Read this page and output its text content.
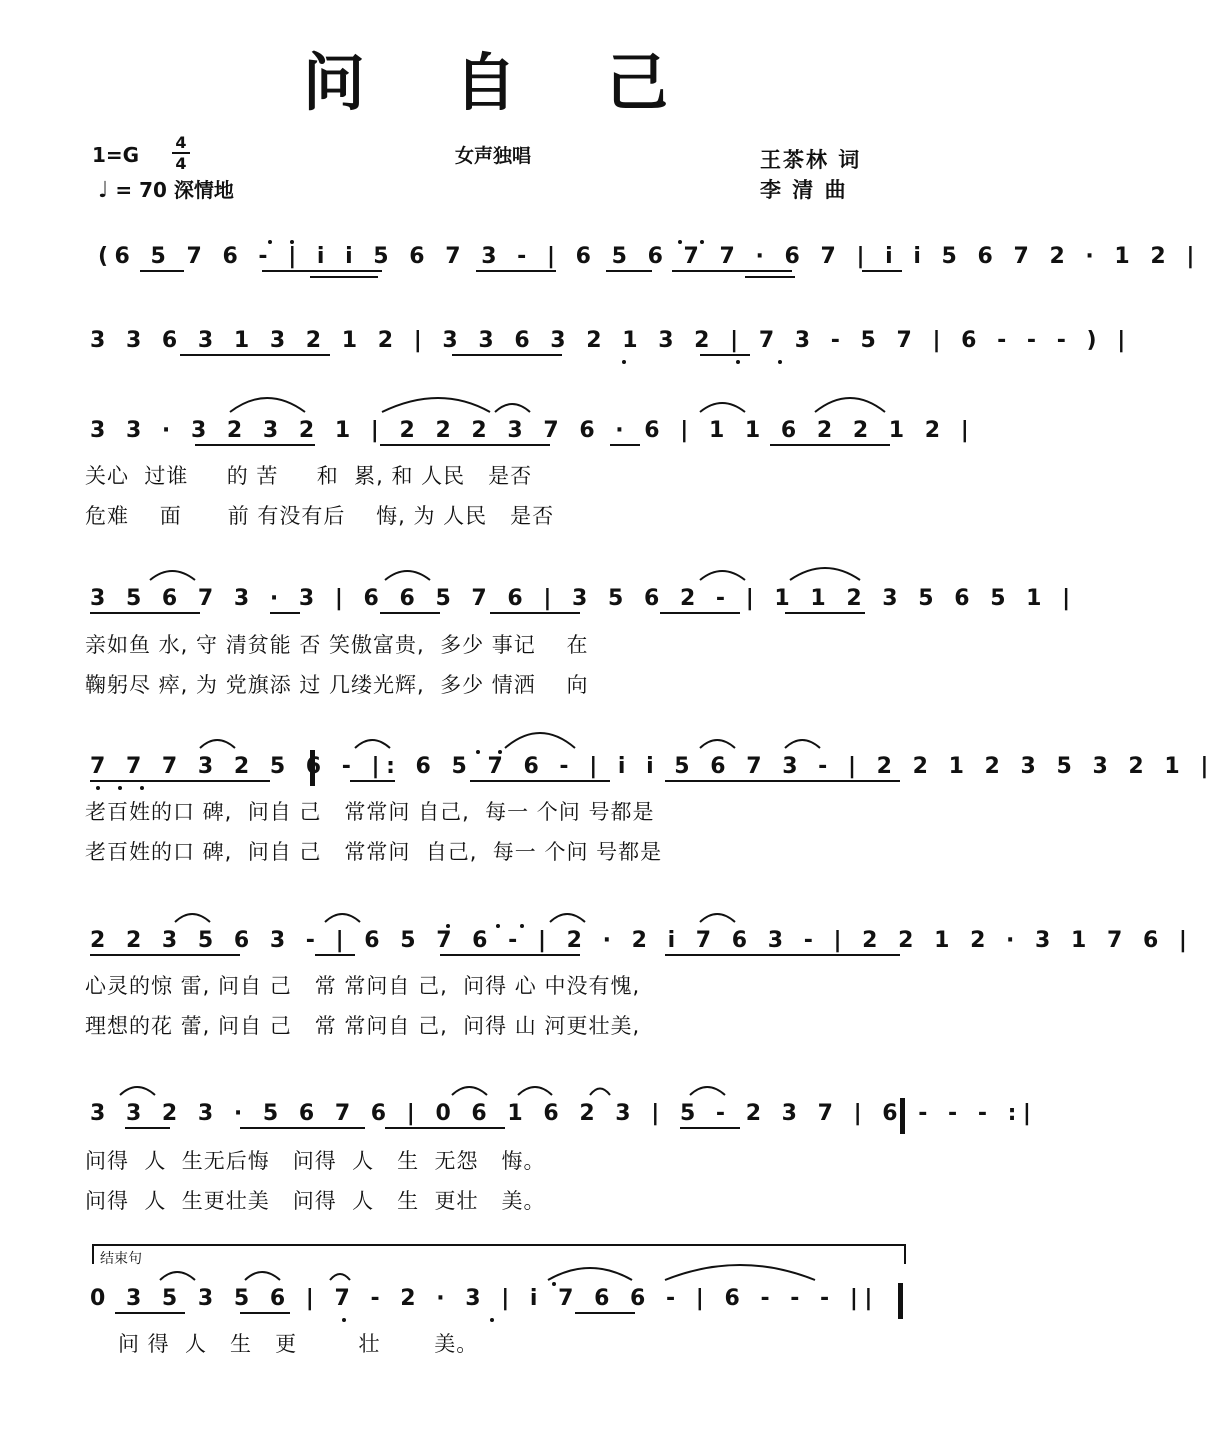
问 自 己
1=G
4
4
♩ = 70 深情地
女声独唱	王茶林 词
李 清 曲
(6 5 7 6 - | i i 5 6 7 3 - | 6 5 6 7 7 · 6 7 | i i 5 6 7 2 · 1 2 |
3 3 6 3 1 3 2 1 2 | 3 3 6 3 2 1 3 2 | 7 3 - 5 7 | 6 - - - ) |
3 3 · 3 2 3 2 1 | 2 2 2 3 7 6 · 6 | 1 1 6 2 2 1 2 |
关心  过谁     的 苦     和  累, 和 人民   是否
危难    面      前 有没有后    悔, 为 人民   是否
3 5 6 7 3 · 3 | 6 6 5 7 6 | 3 5 6 2 - | 1 1 2 3 5 6 5 1 |
亲如鱼 水, 守 清贫能 否 笑傲富贵,  多少 事记    在
鞠躬尽 瘁, 为 党旗添 过 几缕光辉,  多少 情洒    向
7 7 7 3 2 5 6 - |: 6 5 7 6 - | i i 5 6 7 3 - | 2 2 1 2 3 5 3 2 1 |
老百姓的口 碑,  问自 己   常常问 自己,  每一 个问 号都是
老百姓的口 碑,  问自 己   常常问  自己,  每一 个问 号都是
2 2 3 5 6 3 - | 6 5 7 6 - | 2 · 2 i 7 6 3 - | 2 2 1 2 · 3 1 7 6 |
心灵的惊 雷, 问自 己   常 常问自 己,  问得 心 中没有愧,
理想的花 蕾, 问自 己   常 常问自 己,  问得 山 河更壮美,
3 3 2 3 · 5 6 7 6 | 0 6 1 6 2 3 | 5 - 2 3 7 | 6 - - - :|
问得  人  生无后悔   问得  人   生  无怨   悔。
问得  人  生更壮美   问得  人   生  更壮   美。
结束句
0 3 5 3 5 6 | 7 - 2 · 3 | i 7 6 6 - | 6 - - - ||
问 得  人   生   更        壮       美。
